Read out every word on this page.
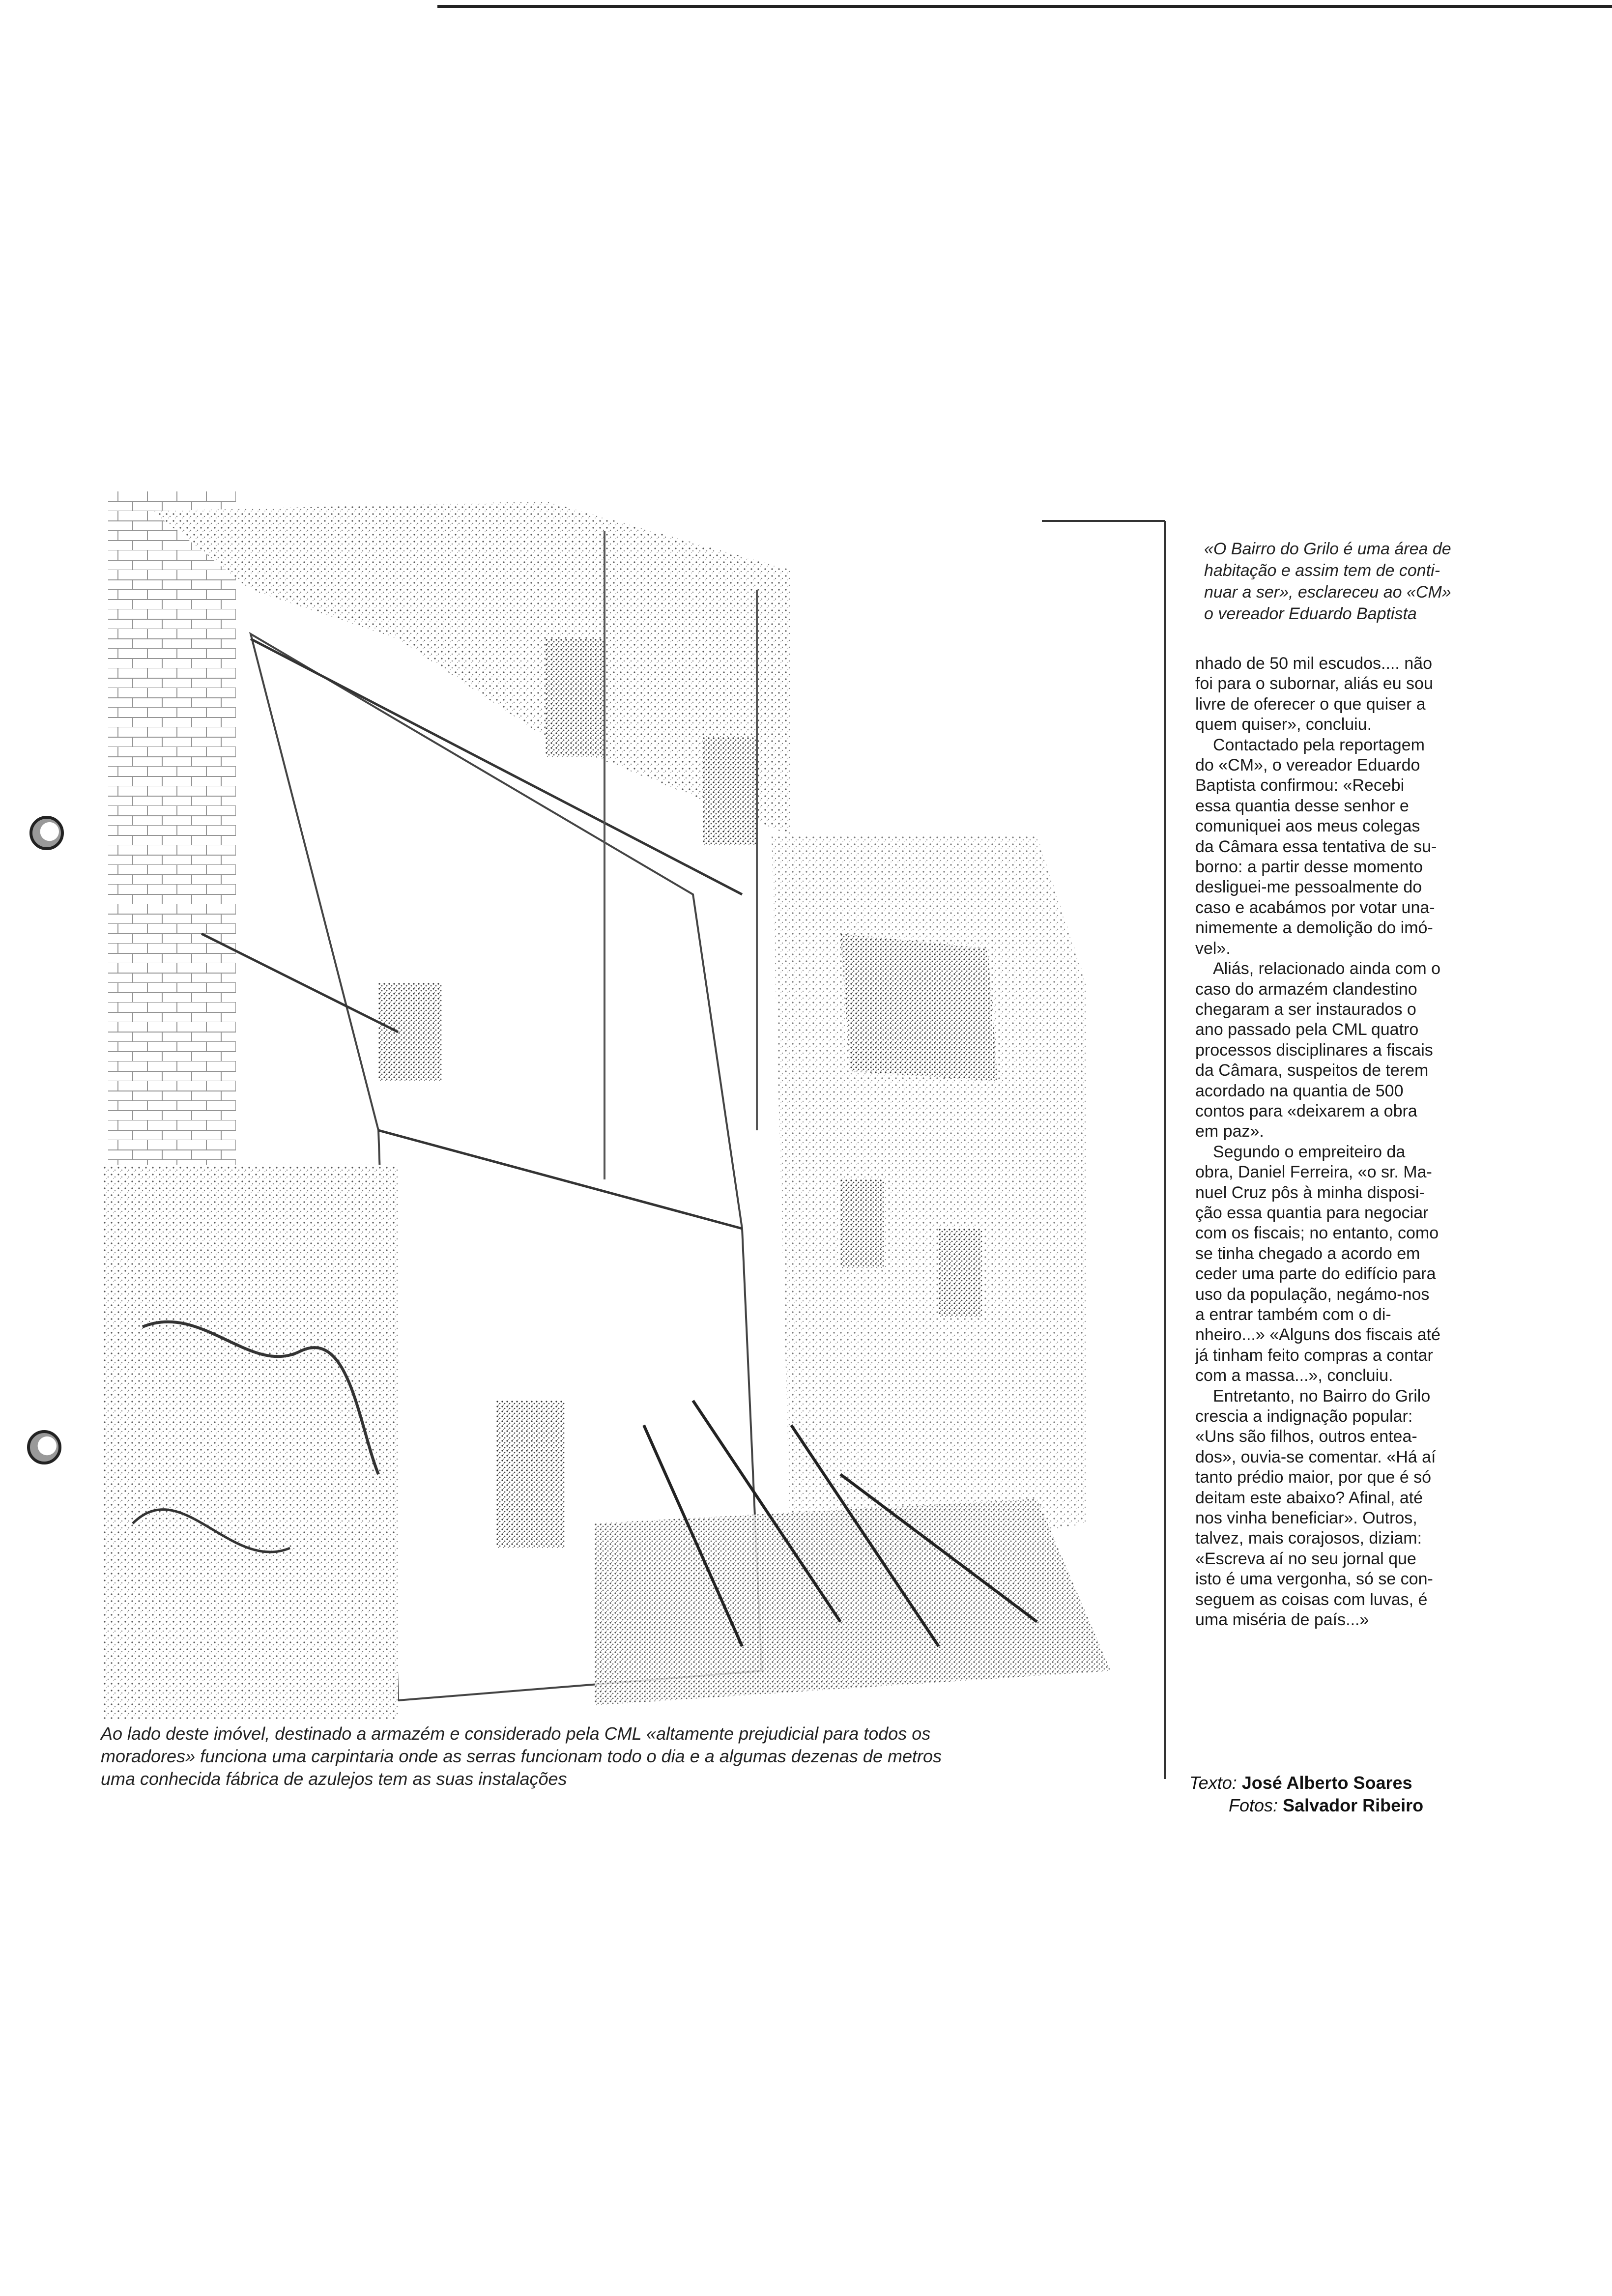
Ao lado deste imóvel, destinado a armazém e considerado pela CML «altamente prejudicial para todos os
moradores» funciona uma carpintaria onde as serras funcionam todo o dia e a algumas dezenas de metros
uma conhecida fábrica de azulejos tem as suas instalações
«O Bairro do Grilo é uma área de
habitação e assim tem de conti-
nuar a ser», esclareceu ao «CM»
o vereador Eduardo Baptista
nhado de 50 mil escudos.... não
foi para o subornar, aliás eu sou
livre de oferecer o que quiser a
quem quiser», concluiu.
Contactado pela reportagem
do «CM», o vereador Eduardo
Baptista confirmou: «Recebi
essa quantia desse senhor e
comuniquei aos meus colegas
da Câmara essa tentativa de su-
borno: a partir desse momento
desliguei-me pessoalmente do
caso e acabámos por votar una-
nimemente a demolição do imó-
vel».
Aliás, relacionado ainda com o
caso do armazém clandestino
chegaram a ser instaurados o
ano passado pela CML quatro
processos disciplinares a fiscais
da Câmara, suspeitos de terem
acordado na quantia de 500
contos para «deixarem a obra
em paz».
Segundo o empreiteiro da
obra, Daniel Ferreira, «o sr. Ma-
nuel Cruz pôs à minha disposi-
ção essa quantia para negociar
com os fiscais; no entanto, como
se tinha chegado a acordo em
ceder uma parte do edifício para
uso da população, negámo-nos
a entrar também com o di-
nheiro...» «Alguns dos fiscais até
já tinham feito compras a contar
com a massa...», concluiu.
Entretanto, no Bairro do Grilo
crescia a indignação popular:
«Uns são filhos, outros entea-
dos», ouvia-se comentar. «Há aí
tanto prédio maior, por que é só
deitam este abaixo? Afinal, até
nos vinha beneficiar». Outros,
talvez, mais corajosos, diziam:
«Escreva aí no seu jornal que
isto é uma vergonha, só se con-
seguem as coisas com luvas, é
uma miséria de país...»
Texto: José Alberto Soares
Fotos: Salvador Ribeiro
